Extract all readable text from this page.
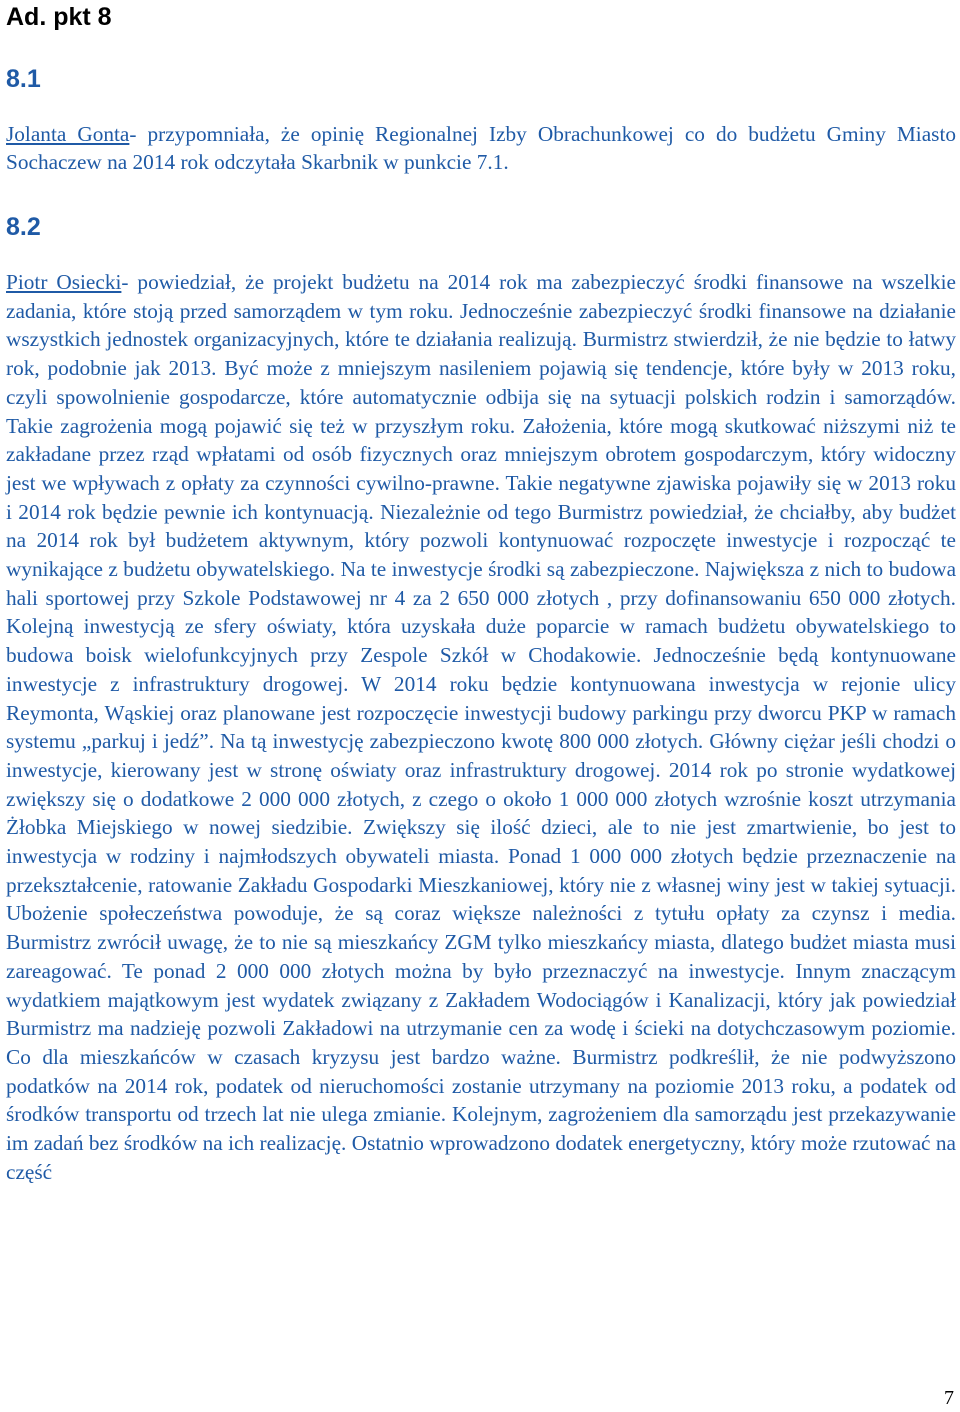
Ad. pkt 8
8.1

Jolanta Gonta- przypomniała, że opinię Regionalnej Izby Obrachunkowej co do budżetu Gminy Miasto Sochaczew na 2014 rok odczytała Skarbnik w punkcie 7.1.

8.2

Piotr Osiecki- powiedział, że projekt budżetu na 2014 rok ma zabezpieczyć środki finansowe na wszelkie zadania, które stoją przed samorządem w tym roku. Jednocześnie zabezpieczyć środki finansowe na działanie wszystkich jednostek organizacyjnych, które te działania realizują. Burmistrz stwierdził, że nie będzie to łatwy rok, podobnie jak 2013. Być może z mniejszym nasileniem pojawią się tendencje, które były w 2013 roku, czyli spowolnienie gospodarcze, które automatycznie odbija się na sytuacji polskich rodzin i samorządów. Takie zagrożenia mogą pojawić się też w przyszłym roku. Założenia, które mogą skutkować niższymi niż te zakładane przez rząd wpłatami od osób fizycznych oraz mniejszym obrotem gospodarczym, który widoczny jest we wpływach z opłaty za czynności cywilno-prawne. Takie negatywne zjawiska pojawiły się w 2013 roku i 2014 rok będzie pewnie ich kontynuacją. Niezależnie od tego Burmistrz powiedział, że chciałby, aby budżet na 2014 rok był budżetem aktywnym, który pozwoli kontynuować rozpoczęte inwestycje i rozpocząć te wynikające z budżetu obywatelskiego. Na te inwestycje środki są zabezpieczone. Największa z nich to budowa hali sportowej przy Szkole Podstawowej nr 4 za 2 650 000 złotych , przy dofinansowaniu 650 000 złotych. Kolejną inwestycją ze sfery oświaty, która uzyskała duże poparcie w ramach budżetu obywatelskiego to budowa boisk wielofunkcyjnych przy Zespole Szkół w Chodakowie. Jednocześnie będą kontynuowane inwestycje z infrastruktury drogowej. W 2014 roku będzie kontynuowana inwestycja w rejonie ulicy Reymonta, Wąskiej oraz planowane jest rozpoczęcie inwestycji budowy parkingu przy dworcu PKP w ramach systemu „parkuj i jedź”. Na tą inwestycję zabezpieczono kwotę 800 000 złotych. Główny ciężar jeśli chodzi o inwestycje, kierowany jest w stronę oświaty oraz infrastruktury drogowej. 2014 rok po stronie wydatkowej zwiększy się o dodatkowe 2 000 000 złotych, z czego o około 1 000 000 złotych wzrośnie koszt utrzymania Żłobka Miejskiego w nowej siedzibie. Zwiększy się ilość dzieci, ale to nie jest zmartwienie, bo jest to inwestycja w rodziny i najmłodszych obywateli miasta. Ponad 1 000 000 złotych będzie przeznaczenie na przekształcenie, ratowanie Zakładu Gospodarki Mieszkaniowej, który nie z własnej winy jest w takiej sytuacji. Ubożenie społeczeństwa powoduje, że są coraz większe należności z tytułu opłaty za czynsz i media. Burmistrz zwrócił uwagę, że to nie są mieszkańcy ZGM tylko mieszkańcy miasta, dlatego budżet miasta musi zareagować. Te ponad 2 000 000 złotych można by było przeznaczyć na inwestycje. Innym znaczącym wydatkiem majątkowym jest wydatek związany z Zakładem Wodociągów i Kanalizacji, który jak powiedział Burmistrz ma nadzieję pozwoli Zakładowi na utrzymanie cen za wodę i ścieki na dotychczasowym poziomie. Co dla mieszkańców w czasach kryzysu jest bardzo ważne. Burmistrz podkreślił, że nie podwyższono podatków na 2014 rok, podatek od nieruchomości zostanie utrzymany na poziomie 2013 roku, a podatek od środków transportu od trzech lat nie ulega zmianie. Kolejnym, zagrożeniem dla samorządu jest przekazywanie im zadań bez środków na ich realizację. Ostatnio wprowadzono dodatek energetyczny, który może rzutować na część

7
